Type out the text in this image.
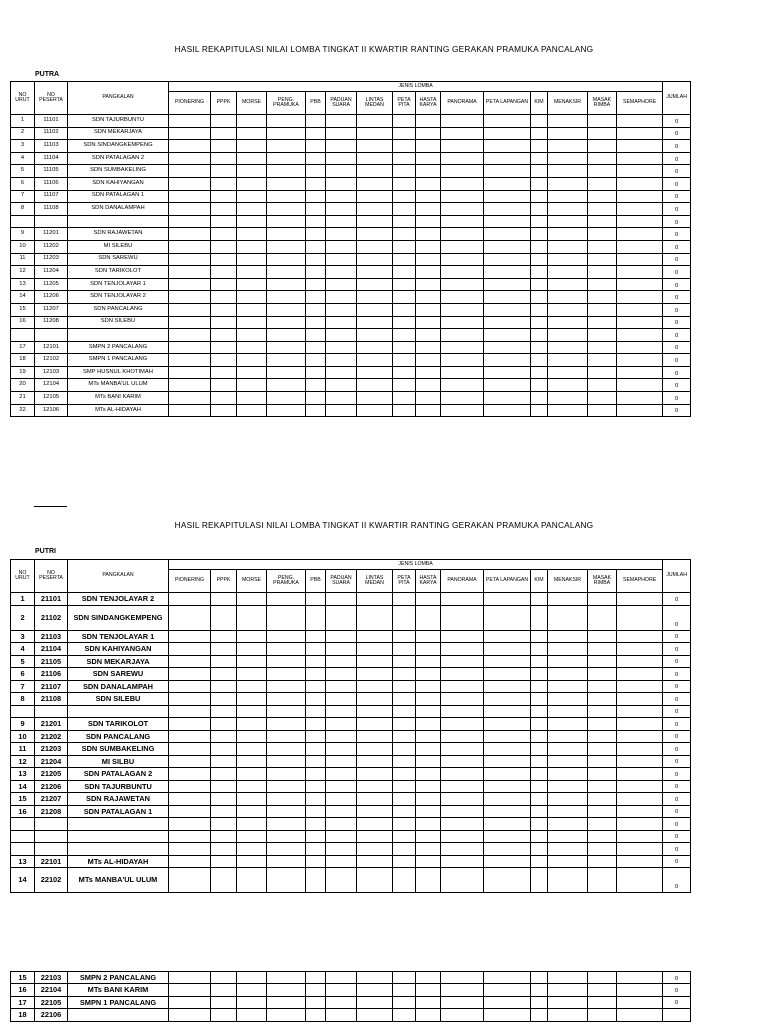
HASIL REKAPITULASI NILAI LOMBA TINGKAT II KWARTIR RANTING GERAKAN PRAMUKA PANCALANG
PUTRA
NO URUT	NO PESERTA	PANGKALAN	JENIS LOMBA															JUMLAH
			PIONERING	PPPK	MORSE	PENG. PRAMUKA	PBB	PADUAN SUARA	LINTAS MEDAN	PETA PITA	HASTA KARYA	PANORAMA	PETA LAPANGAN	KIM	MENAKSIR	MASAK RIMBA	SEMAPHORE	
1	11101	SDN TAJURBUNTU																0
2	11102	SDN MEKARJAYA																0
3	11103	SDN SINDANGKEMPENG																0
4	11104	SDN PATALAGAN 2																0
5	11105	SDN SUMBAKELING																0
6	11106	SDN KAHIYANGAN																0
7	11107	SDN PATALAGAN 1																0
8	11108	SDN DANALAMPAH																0
																		0
9	11201	SDN RAJAWETAN																0
10	11202	MI SILEBU																0
11	11203	SDN SAREWU																0
12	11204	SDN TARIKOLOT																0
13	11205	SDN TENJOLAYAR 1																0
14	11206	SDN TENJOLAYAR 2																0
15	11207	SDN PANCALANG																0
16	11208	SDN SILEBU																0
																		0
17	12101	SMPN 2 PANCALANG																0
18	12102	SMPN 1 PANCALANG																0
19	12103	SMP HUSNUL KHOTIMAH																0
20	12104	MTs MANBA'UL ULUM																0
21	12105	MTs BANI KARIM																0
22	12106	MTs AL-HIDAYAH																0
HASIL REKAPITULASI NILAI LOMBA TINGKAT II KWARTIR RANTING GERAKAN PRAMUKA PANCALANG
PUTRI
NO URUT	NO PESERTA	PANGKALAN	JENIS LOMBA															JUMLAH
			PIONERING	PPPK	MORSE	PENG. PRAMUKA	PBB	PADUAN SUARA	LINTAS MEDAN	PETA PITA	HASTA KARYA	PANORAMA	PETA LAPANGAN	KIM	MENAKSIR	MASAK RIMBA	SEMAPHORE	
1	21101	SDN TENJOLAYAR 2																0
2	21102	SDN SINDANGKEMPENG																0
3	21103	SDN TENJOLAYAR 1																0
4	21104	SDN KAHIYANGAN																0
5	21105	SDN MEKARJAYA																0
6	21106	SDN SAREWU																0
7	21107	SDN DANALAMPAH																0
8	21108	SDN SILEBU																0
																		0
9	21201	SDN TARIKOLOT																0
10	21202	SDN PANCALANG																0
11	21203	SDN SUMBAKELING																0
12	21204	MI SILBU																0
13	21205	SDN PATALAGAN 2																0
14	21206	SDN TAJURBUNTU																0
15	21207	SDN RAJAWETAN																0
16	21208	SDN PATALAGAN 1																0
																		0
																		0
																		0
13	22101	MTs AL-HIDAYAH																0
14	22102	MTs MANBA'UL ULUM																0
15	22103	SMPN 2 PANCALANG																0
16	22104	MTs BANI KARIM																0
17	22105	SMPN 1 PANCALANG																0
18	22106																	
